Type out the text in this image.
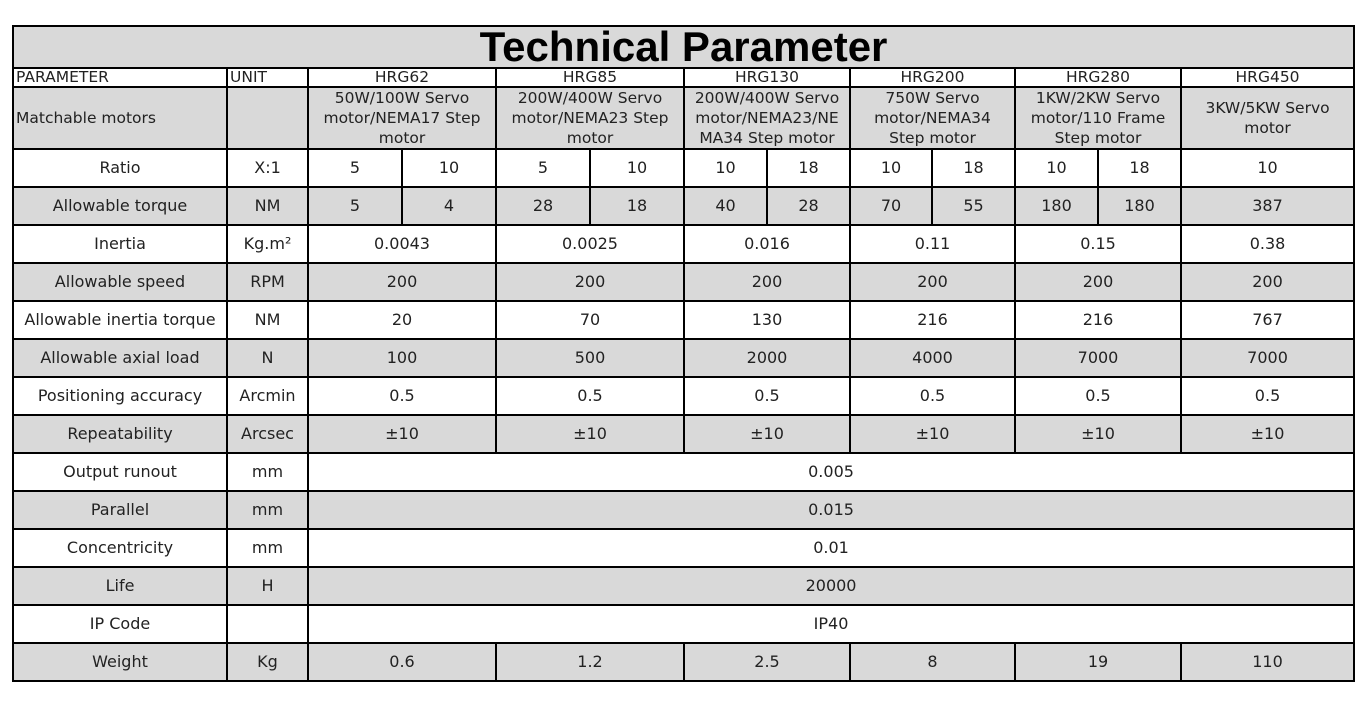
Technical Parameter												
PARAMETER	UNIT	HRG62		HRG85		HRG130		HRG200		HRG280		HRG450
Matchable motors		50W/100W Servo motor/NEMA17 Step motor		200W/400W Servo motor/NEMA23 Step motor		200W/400W Servo motor/NEMA23/NEMA34 Step motor		750W Servo motor/NEMA34 Step motor		1KW/2KW Servo motor/110 Frame Step motor		3KW/5KW Servo motor
Ratio	X:1	5	10	5	10	10	18	10	18	10	18	10
Allowable torque	NM	5	4	28	18	40	28	70	55	180	180	387
Inertia	Kg.m²	0.0043		0.0025		0.016		0.11		0.15		0.38
Allowable speed	RPM	200		200		200		200		200		200
Allowable inertia torque	NM	20		70		130		216		216		767
Allowable axial load	N	100		500		2000		4000		7000		7000
Positioning accuracy	Arcmin	0.5		0.5		0.5		0.5		0.5		0.5
Repeatability	Arcsec	±10		±10		±10		±10		±10		±10
Output runout	mm	0.005										
Parallel	mm	0.015										
Concentricity	mm	0.01										
Life	H	20000										
IP Code		IP40										
Weight	Kg	0.6		1.2		2.5		8		19		110
